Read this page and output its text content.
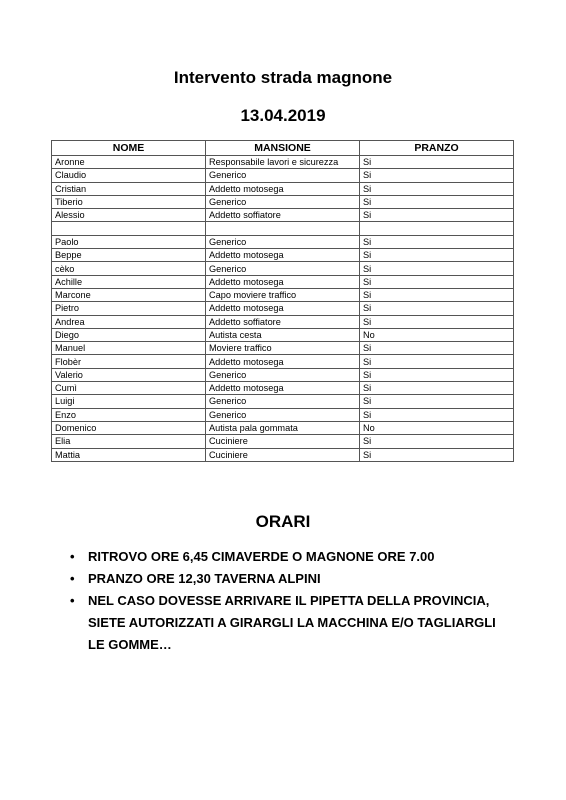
Intervento strada magnone
13.04.2019
NOME	MANSIONE	PRANZO
Aronne	Responsabile lavori e sicurezza	Si
Claudio	Generico	Si
Cristian	Addetto motosega	Si
Tiberio	Generico	Si
Alessio	Addetto soffiatore	Si

Paolo	Generico	Si
Beppe	Addetto motosega	Si
cèko	Generico	Si
Achille	Addetto motosega	Si
Marcone	Capo moviere traffico	Si
Pietro	Addetto motosega	Si
Andrea	Addetto soffiatore	Si
Diego	Autista cesta	No
Manuel	Moviere traffico	Si
Flobèr	Addetto motosega	Si
Valerio	Generico	Si
Cumì	Addetto motosega	Si
Luigi	Generico	Si
Enzo	Generico	Si
Domenico	Autista pala gommata	No
Elia	Cuciniere	Si
Mattia	Cuciniere	Si
ORARI
• RITROVO ORE 6,45 CIMAVERDE O MAGNONE ORE 7.00
• PRANZO ORE 12,30 TAVERNA ALPINI
• NEL CASO DOVESSE ARRIVARE IL PIPETTA DELLA PROVINCIA, SIETE AUTORIZZATI A GIRARGLI LA MACCHINA E/O TAGLIARGLI LE GOMME…
